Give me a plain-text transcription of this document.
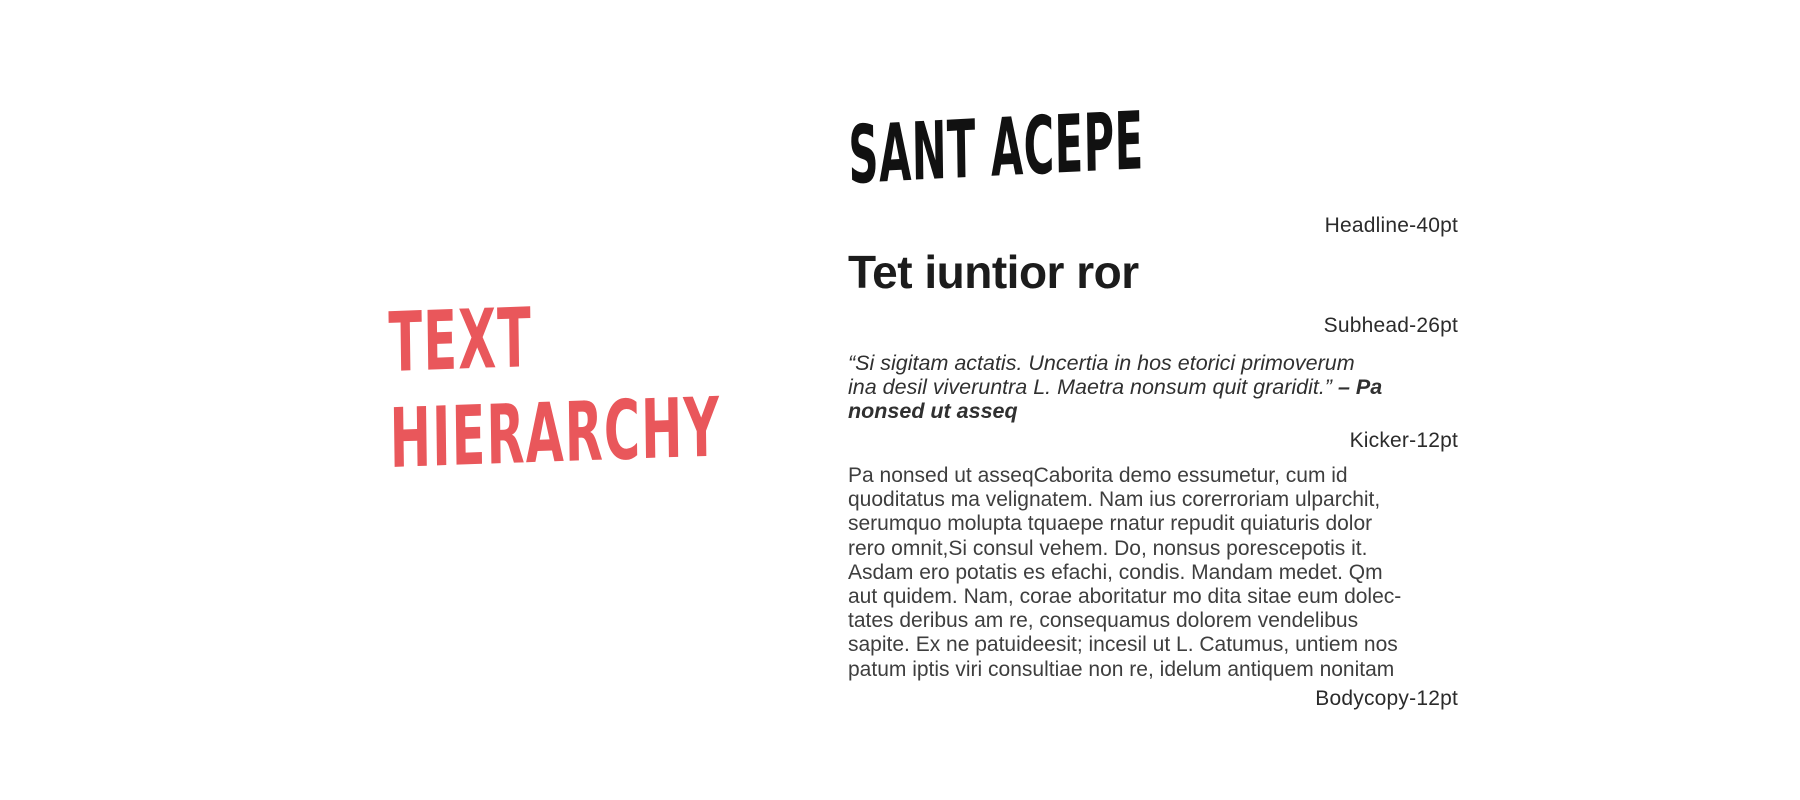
TEXT
HIERARCHY
SANT ACEPE
Headline-40pt
Tet iuntior ror
Subhead-26pt
“Si sigitam actatis. Uncertia in hos etorici primoverum
ina desil viveruntra L. Maetra nonsum quit graridit.” – Pa
nonsed ut asseq
Kicker-12pt
Pa nonsed ut asseqCaborita demo essumetur, cum id
quoditatus ma velignatem. Nam ius corerroriam ulparchit,
serumquo molupta tquaepe rnatur repudit quiaturis dolor
rero omnit,Si consul vehem. Do, nonsus porescepotis it.
Asdam ero potatis es efachi, condis. Mandam medet. Qm
aut quidem. Nam, corae aboritatur mo dita sitae eum dolec-
tates deribus am re, consequamus dolorem vendelibus
sapite. Ex ne patuideesit; incesil ut L. Catumus, untiem nos
patum iptis viri consultiae non re, idelum antiquem nonitam
Bodycopy-12pt
